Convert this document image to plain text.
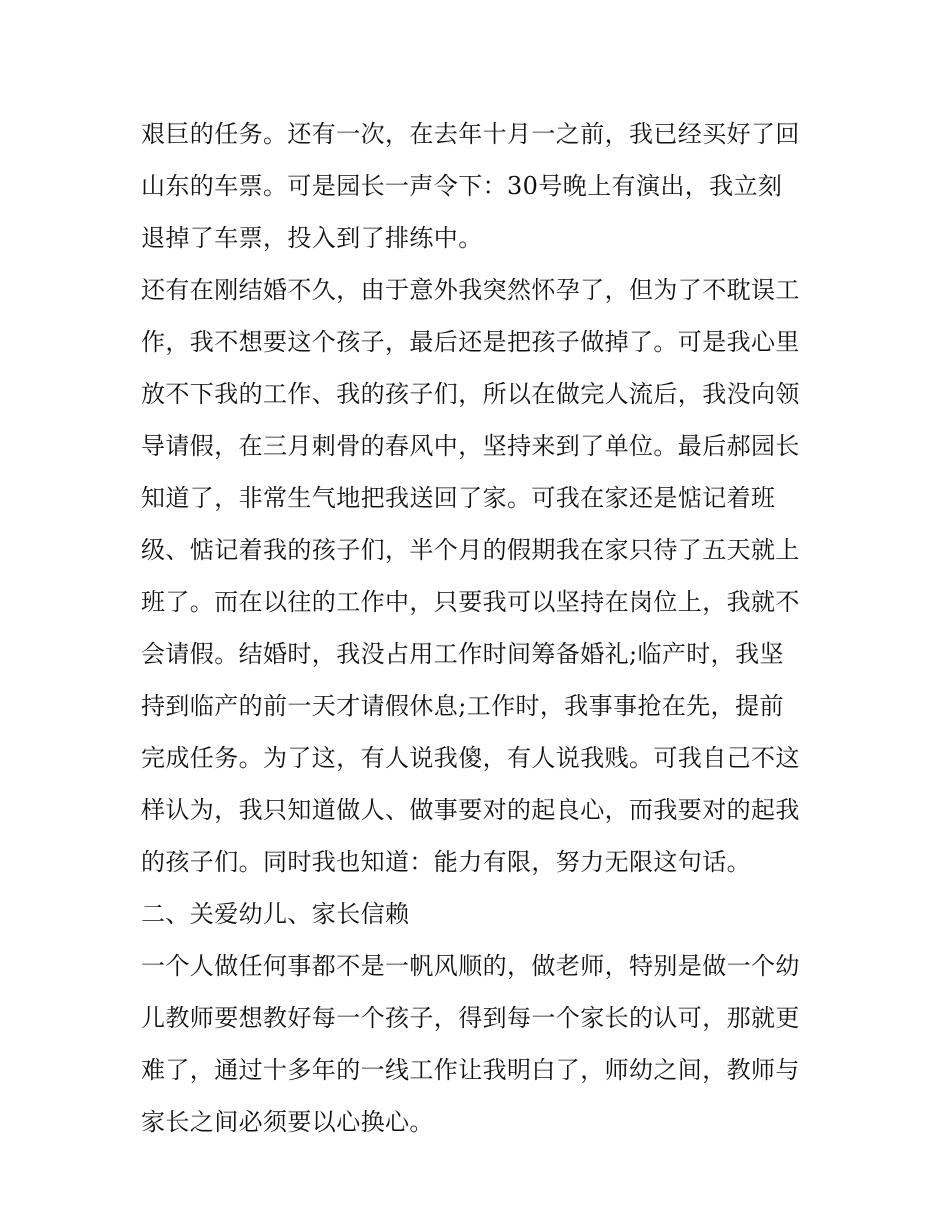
艰巨的任务。还有一次，在去年十月一之前，我已经买好了回
山东的车票。可是园长一声令下：30号晚上有演出，我立刻
退掉了车票，投入到了排练中。
还有在刚结婚不久，由于意外我突然怀孕了，但为了不耽误工
作，我不想要这个孩子，最后还是把孩子做掉了。可是我心里
放不下我的工作、我的孩子们，所以在做完人流后，我没向领
导请假，在三月刺骨的春风中，坚持来到了单位。最后郝园长
知道了，非常生气地把我送回了家。可我在家还是惦记着班
级、惦记着我的孩子们，半个月的假期我在家只待了五天就上
班了。而在以往的工作中，只要我可以坚持在岗位上，我就不
会请假。结婚时，我没占用工作时间筹备婚礼;临产时，我坚
持到临产的前一天才请假休息;工作时，我事事抢在先，提前
完成任务。为了这，有人说我傻，有人说我贱。可我自己不这
样认为，我只知道做人、做事要对的起良心，而我要对的起我
的孩子们。同时我也知道：能力有限，努力无限这句话。
二、关爱幼儿、家长信赖
一个人做任何事都不是一帆风顺的，做老师，特别是做一个幼
儿教师要想教好每一个孩子，得到每一个家长的认可，那就更
难了，通过十多年的一线工作让我明白了，师幼之间，教师与
家长之间必须要以心换心。
